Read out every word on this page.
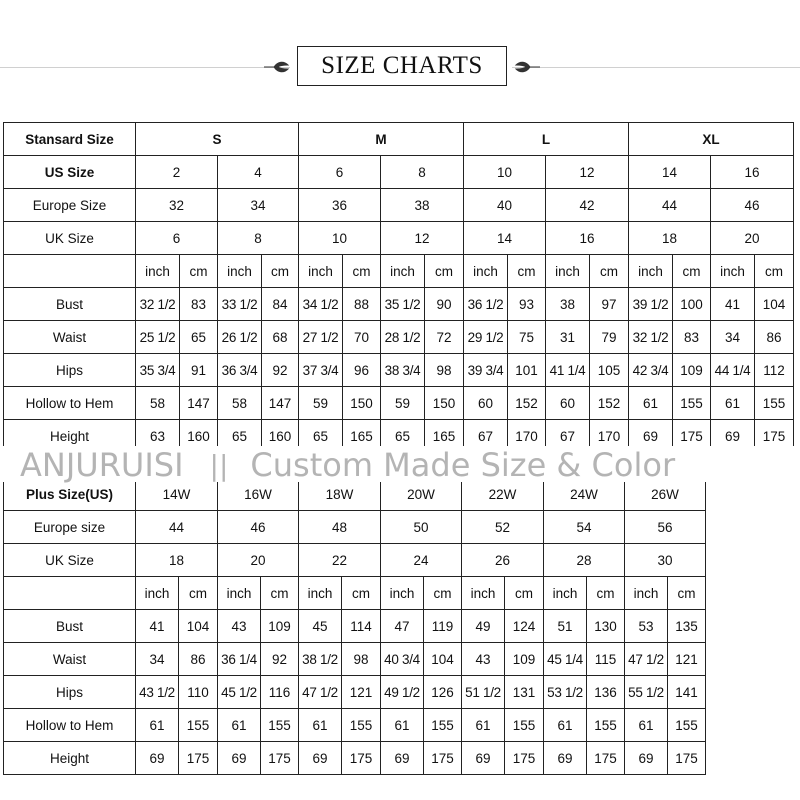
SIZE CHARTS
Stansard Size	S				M				L				XL			
US Size	2		4		6		8		10		12		14		16	
Europe Size	32		34		36		38		40		42		44		46	
UK Size	6		8		10		12		14		16		18		20	
	inch	cm	inch	cm	inch	cm	inch	cm	inch	cm	inch	cm	inch	cm	inch	cm
Bust	32 1/2	83	33 1/2	84	34 1/2	88	35 1/2	90	36 1/2	93	38	97	39 1/2	100	41	104
Waist	25 1/2	65	26 1/2	68	27 1/2	70	28 1/2	72	29 1/2	75	31	79	32 1/2	83	34	86
Hips	35 3/4	91	36 3/4	92	37 3/4	96	38 3/4	98	39 3/4	101	41 1/4	105	42 3/4	109	44 1/4	112
Hollow to Hem	58	147	58	147	59	150	59	150	60	152	60	152	61	155	61	155
Height	63	160	65	160	65	165	65	165	67	170	67	170	69	175	69	175
Plus Size(US)	14W		16W		18W		20W		22W		24W		26W	
Europe size	44		46		48		50		52		54		56	
UK Size	18		20		22		24		26		28		30	
	inch	cm	inch	cm	inch	cm	inch	cm	inch	cm	inch	cm	inch	cm
Bust	41	104	43	109	45	114	47	119	49	124	51	130	53	135
Waist	34	86	36 1/4	92	38 1/2	98	40 3/4	104	43	109	45 1/4	115	47 1/2	121
Hips	43 1/2	110	45 1/2	116	47 1/2	121	49 1/2	126	51 1/2	131	53 1/2	136	55 1/2	141
Hollow to Hem	61	155	61	155	61	155	61	155	61	155	61	155	61	155
Height	69	175	69	175	69	175	69	175	69	175	69	175	69	175
ANJURUISI || Custom Made Size & Color
